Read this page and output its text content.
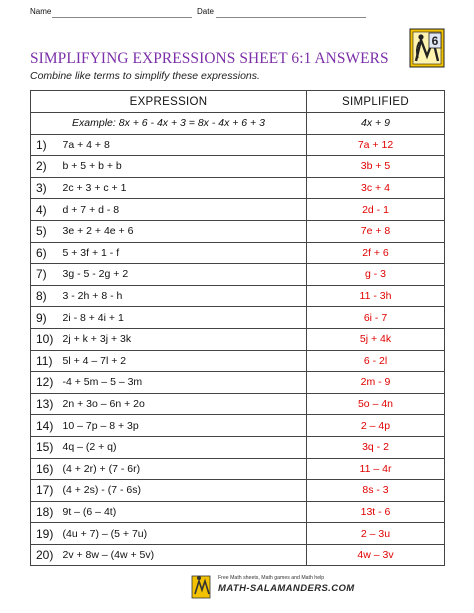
Name	Date
6
SIMPLIFYING EXPRESSIONS SHEET 6:1 ANSWERS
Combine like terms to simplify these expressions.
EXPRESSION		SIMPLIFIED
Example: 8x + 6 - 4x + 3 = 8x - 4x + 6 + 3		4x + 9
1)	7a + 4 + 8	7a + 12
2)	b + 5 + b + b	3b + 5
3)	2c + 3 + c + 1	3c + 4
4)	d + 7 + d - 8	2d - 1
5)	3e + 2 + 4e + 6	7e + 8
6)	5 + 3f + 1 - f	2f + 6
7)	3g - 5 - 2g + 2	g - 3
8)	3 - 2h + 8 - h	11 - 3h
9)	2i - 8 + 4i + 1	6i - 7
10)	2j + k + 3j + 3k	5j + 4k
11)	5l + 4 – 7l + 2	6 - 2l
12)	-4 + 5m – 5 – 3m	2m - 9
13)	2n + 3o – 6n + 2o	5o – 4n
14)	10 – 7p – 8 + 3p	2 – 4p
15)	4q – (2 + q)	3q - 2
16)	(4 + 2r) + (7 - 6r)	11 – 4r
17)	(4 + 2s) - (7 - 6s)	8s - 3
18)	9t – (6 – 4t)	13t - 6
19)	(4u + 7) – (5 + 7u)	2 – 3u
20)	2v + 8w – (4w + 5v)	4w – 3v
Free Math sheets, Math games and Math help
MATH-SALAMANDERS.COM
